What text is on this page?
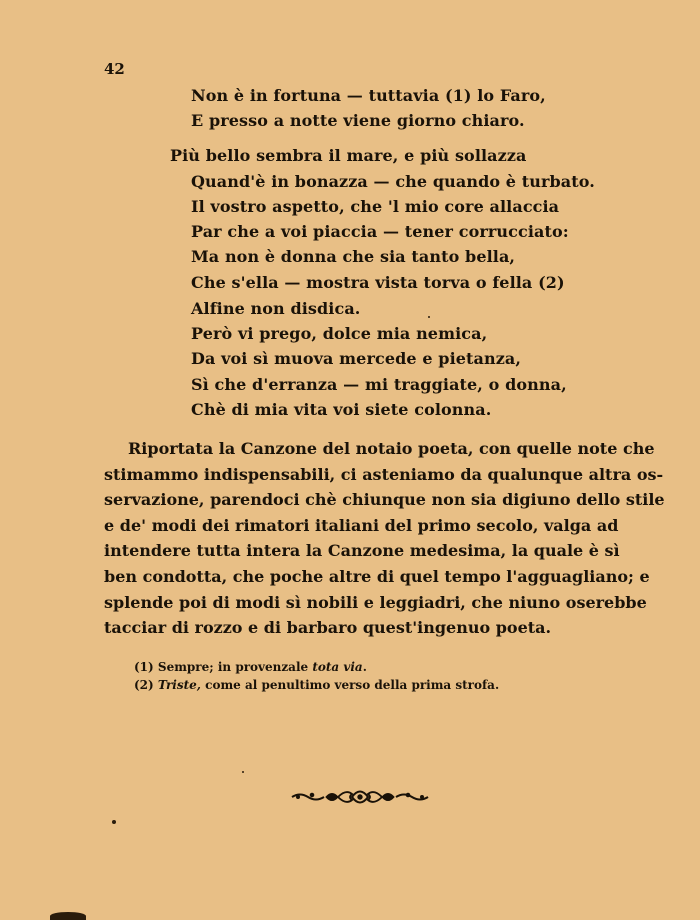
42
Non è in fortuna — tuttavia (1) lo Faro,
E presso a notte viene giorno chiaro.
Più bello sembra il mare, e più sollazza
Quand'è in bonazza — che quando è turbato.
Il vostro aspetto, che 'l mio core allaccia
Par che a voi piaccia — tener corrucciato:
Ma non è donna che sia tanto bella,
Che s'ella — mostra vista torva o fella (2)
Alfine non disdica.
Però vi prego, dolce mia nemica,
Da voi sì muova mercede e pietanza,
Sì che d'erranza — mi traggiate, o donna,
Chè di mia vita voi siete colonna.
Riportata la Canzone del notaio poeta, con quelle note che
stimammo indispensabili, ci asteniamo da qualunque altra os-
servazione, parendoci chè chiunque non sia digiuno dello stile
e de' modi dei rimatori italiani del primo secolo, valga ad
intendere tutta intera la Canzone medesima, la quale è sì
ben condotta, che poche altre di quel tempo l'agguagliano; e
splende poi di modi sì nobili e leggiadri, che niuno oserebbe
tacciar di rozzo e di barbaro quest'ingenuo poeta.
(1) Sempre; in provenzale tota via.
(2) Triste, come al penultimo verso della prima strofa.
